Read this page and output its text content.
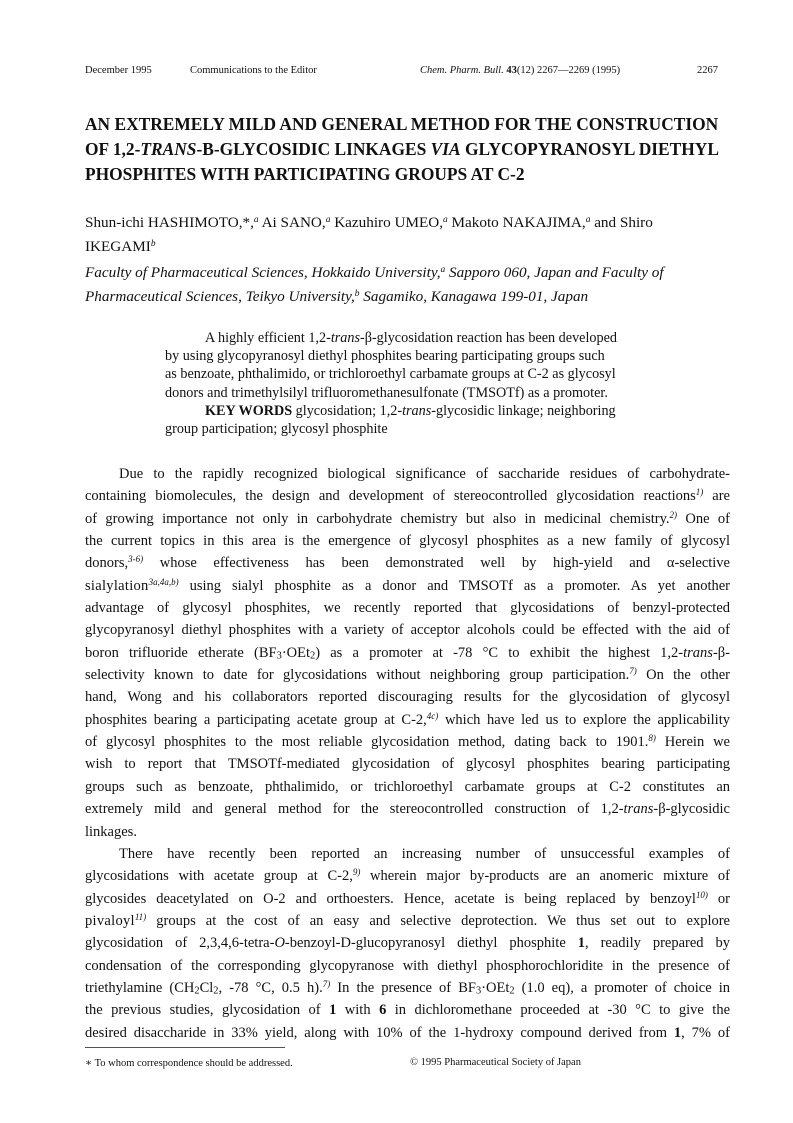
December 1995	Communications to the Editor	Chem. Pharm. Bull. 43(12) 2267—2269 (1995)	2267
AN EXTREMELY MILD AND GENERAL METHOD FOR THE CONSTRUCTION
OF 1,2-TRANS-Β-GLYCOSIDIC LINKAGES VIA GLYCOPYRANOSYL DIETHYL
PHOSPHITES WITH PARTICIPATING GROUPS AT C-2
Shun-ichi HASHIMOTO,*,$^a$ Ai SANO,$^a$ Kazuhiro UMEO,$^a$ Makoto NAKAJIMA,$^a$ and Shiro
IKEGAMI$^b$
Faculty of Pharmaceutical Sciences, Hokkaido University,$^a$ Sapporo 060, Japan and Faculty of
Pharmaceutical Sciences, Teikyo University,$^b$ Sagamiko, Kanagawa 199-01, Japan
A highly efficient 1,2-trans-β-glycosidation reaction has been developed
by using glycopyranosyl diethyl phosphites bearing participating groups such
as benzoate, phthalimido, or trichloroethyl carbamate groups at C-2 as glycosyl
donors and trimethylsilyl trifluoromethanesulfonate (TMSOTf) as a promoter.
KEY WORDS glycosidation; 1,2-trans-glycosidic linkage; neighboring
group participation; glycosyl phosphite
Due to the rapidly recognized biological significance of saccharide residues of carbohydrate-
containing biomolecules, the design and development of stereocontrolled glycosidation reactions$^{1)}$ are
of growing importance not only in carbohydrate chemistry but also in medicinal chemistry.$^{2)}$ One of
the current topics in this area is the emergence of glycosyl phosphites as a new family of glycosyl
donors,$^{3-6)}$ whose effectiveness has been demonstrated well by high-yield and α-selective
sialylation$^{3a,4a,b)}$ using sialyl phosphite as a donor and TMSOTf as a promoter. As yet another
advantage of glycosyl phosphites, we recently reported that glycosidations of benzyl-protected
glycopyranosyl diethyl phosphites with a variety of acceptor alcohols could be effected with the aid of
boron trifluoride etherate $(BF_3\cdot OEt_2)$ as a promoter at -78 °C to exhibit the highest 1,2-trans-β-
selectivity known to date for glycosidations without neighboring group participation.$^{7)}$ On the other
hand, Wong and his collaborators reported discouraging results for the glycosidation of glycosyl
phosphites bearing a participating acetate group at C-2,$^{4c)}$ which have led us to explore the applicability
of glycosyl phosphites to the most reliable glycosidation method, dating back to 1901.$^{8)}$ Herein we
wish to report that TMSOTf-mediated glycosidation of glycosyl phosphites bearing participating
groups such as benzoate, phthalimido, or trichloroethyl carbamate groups at C-2 constitutes an
extremely mild and general method for the stereocontrolled construction of 1,2-trans-β-glycosidic
linkages.
There have recently been reported an increasing number of unsuccessful examples of
glycosidations with acetate group at C-2,$^{9)}$ wherein major by-products are an anomeric mixture of
glycosides deacetylated on O-2 and orthoesters. Hence, acetate is being replaced by benzoyl$^{10)}$ or
pivaloyl$^{11)}$ groups at the cost of an easy and selective deprotection. We thus set out to explore
glycosidation of 2,3,4,6-tetra-O-benzoyl-D-glucopyranosyl diethyl phosphite 1, readily prepared by
condensation of the corresponding glycopyranose with diethyl phosphorochloridite in the presence of
triethylamine ($CH_2Cl_2$, -78 °C, 0.5 h).$^{7)}$ In the presence of $BF_3\cdot OEt_2$ (1.0 eq), a promoter of choice in
the previous studies, glycosidation of 1 with 6 in dichloromethane proceeded at -30 °C to give the
desired disaccharide in 33% yield, along with 10% of the 1-hydroxy compound derived from 1, 7% of
∗ To whom correspondence should be addressed.	© 1995 Pharmaceutical Society of Japan
